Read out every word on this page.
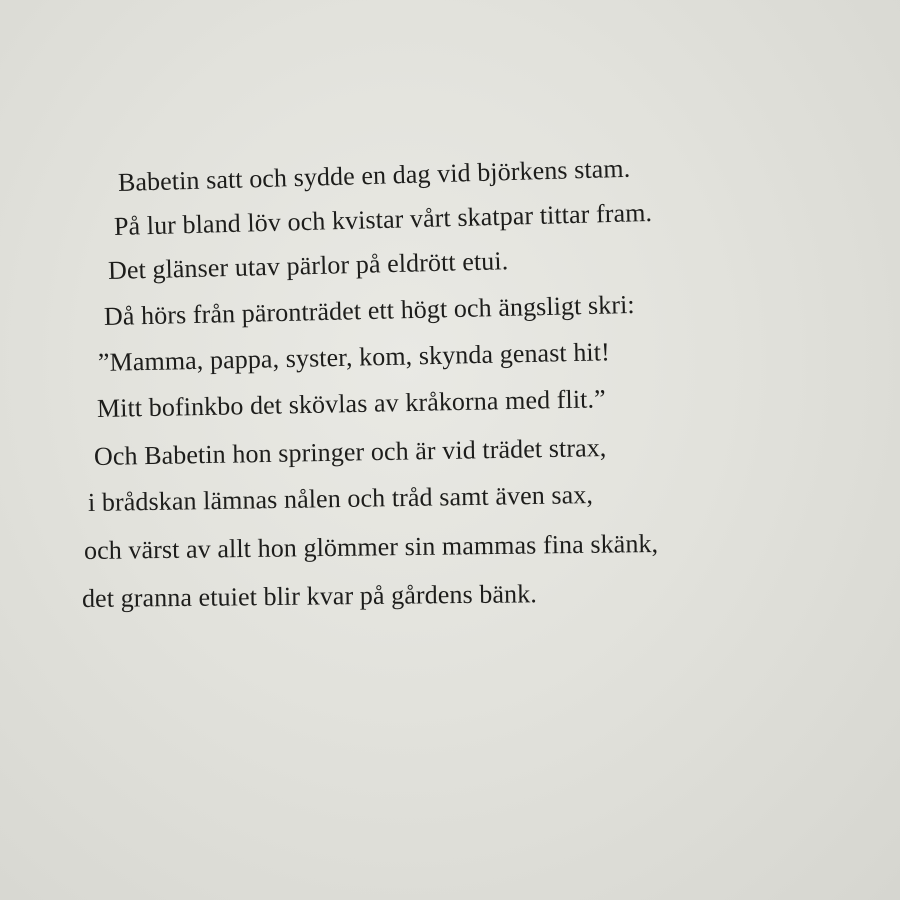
Babetin satt och sydde en dag vid björkens stam.
På lur bland löv och kvistar vårt skatpar tittar fram.
Det glänser utav pärlor på eldrött etui.
Då hörs från päronträdet ett högt och ängsligt skri:
”Mamma, pappa, syster, kom, skynda genast hit!
Mitt bofinkbo det skövlas av kråkorna med flit.”
Och Babetin hon springer och är vid trädet strax,
i brådskan lämnas nålen och tråd samt även sax,
och värst av allt hon glömmer sin mammas fina skänk,
det granna etuiet blir kvar på gårdens bänk.
